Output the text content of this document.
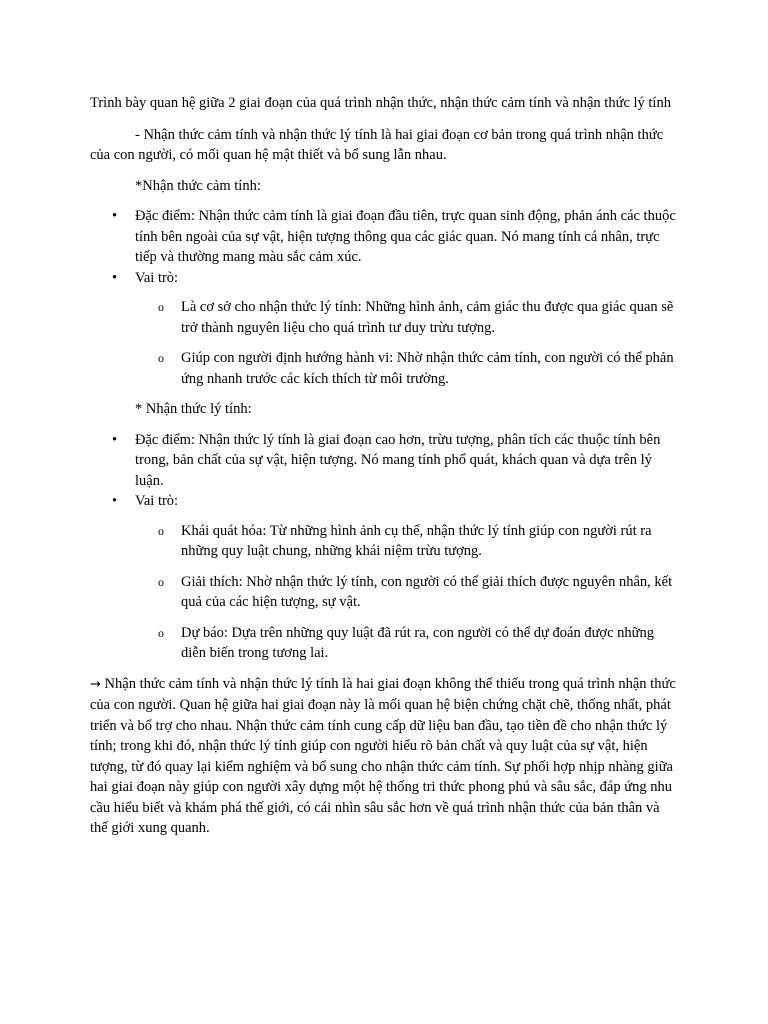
Trình bày quan hệ giữa 2 giai đoạn của quá trình nhận thức, nhận thức cảm tính và nhận thức lý tính

- Nhận thức cảm tính và nhận thức lý tính là hai giai đoạn cơ bản trong quá trình nhận thức của con người, có mối quan hệ mật thiết và bổ sung lẫn nhau.

*Nhận thức cảm tính:

• Đặc điểm: Nhận thức cảm tính là giai đoạn đầu tiên, trực quan sinh động, phản ánh các thuộc tính bên ngoài của sự vật, hiện tượng thông qua các giác quan. Nó mang tính cá nhân, trực tiếp và thường mang màu sắc cảm xúc.
• Vai trò:
o Là cơ sở cho nhận thức lý tính: Những hình ảnh, cảm giác thu được qua giác quan sẽ trở thành nguyên liệu cho quá trình tư duy trừu tượng.
o Giúp con người định hướng hành vi: Nhờ nhận thức cảm tính, con người có thể phản ứng nhanh trước các kích thích từ môi trường.

* Nhận thức lý tính:

• Đặc điểm: Nhận thức lý tính là giai đoạn cao hơn, trừu tượng, phân tích các thuộc tính bên trong, bản chất của sự vật, hiện tượng. Nó mang tính phổ quát, khách quan và dựa trên lý luận.
• Vai trò:
o Khái quát hóa: Từ những hình ảnh cụ thể, nhận thức lý tính giúp con người rút ra những quy luật chung, những khái niệm trừu tượng.
o Giải thích: Nhờ nhận thức lý tính, con người có thể giải thích được nguyên nhân, kết quả của các hiện tượng, sự vật.
o Dự báo: Dựa trên những quy luật đã rút ra, con người có thể dự đoán được những diễn biến trong tương lai.

→ Nhận thức cảm tính và nhận thức lý tính là hai giai đoạn không thể thiếu trong quá trình nhận thức của con người. Quan hệ giữa hai giai đoạn này là mối quan hệ biện chứng chặt chẽ, thống nhất, phát triển và bổ trợ cho nhau. Nhận thức cảm tính cung cấp dữ liệu ban đầu, tạo tiền đề cho nhận thức lý tính; trong khi đó, nhận thức lý tính giúp con người hiểu rõ bản chất và quy luật của sự vật, hiện tượng, từ đó quay lại kiểm nghiệm và bổ sung cho nhận thức cảm tính. Sự phối hợp nhịp nhàng giữa hai giai đoạn này giúp con người xây dựng một hệ thống tri thức phong phú và sâu sắc, đáp ứng nhu cầu hiểu biết và khám phá thế giới, có cái nhìn sâu sắc hơn về quá trình nhận thức của bản thân và thế giới xung quanh.
